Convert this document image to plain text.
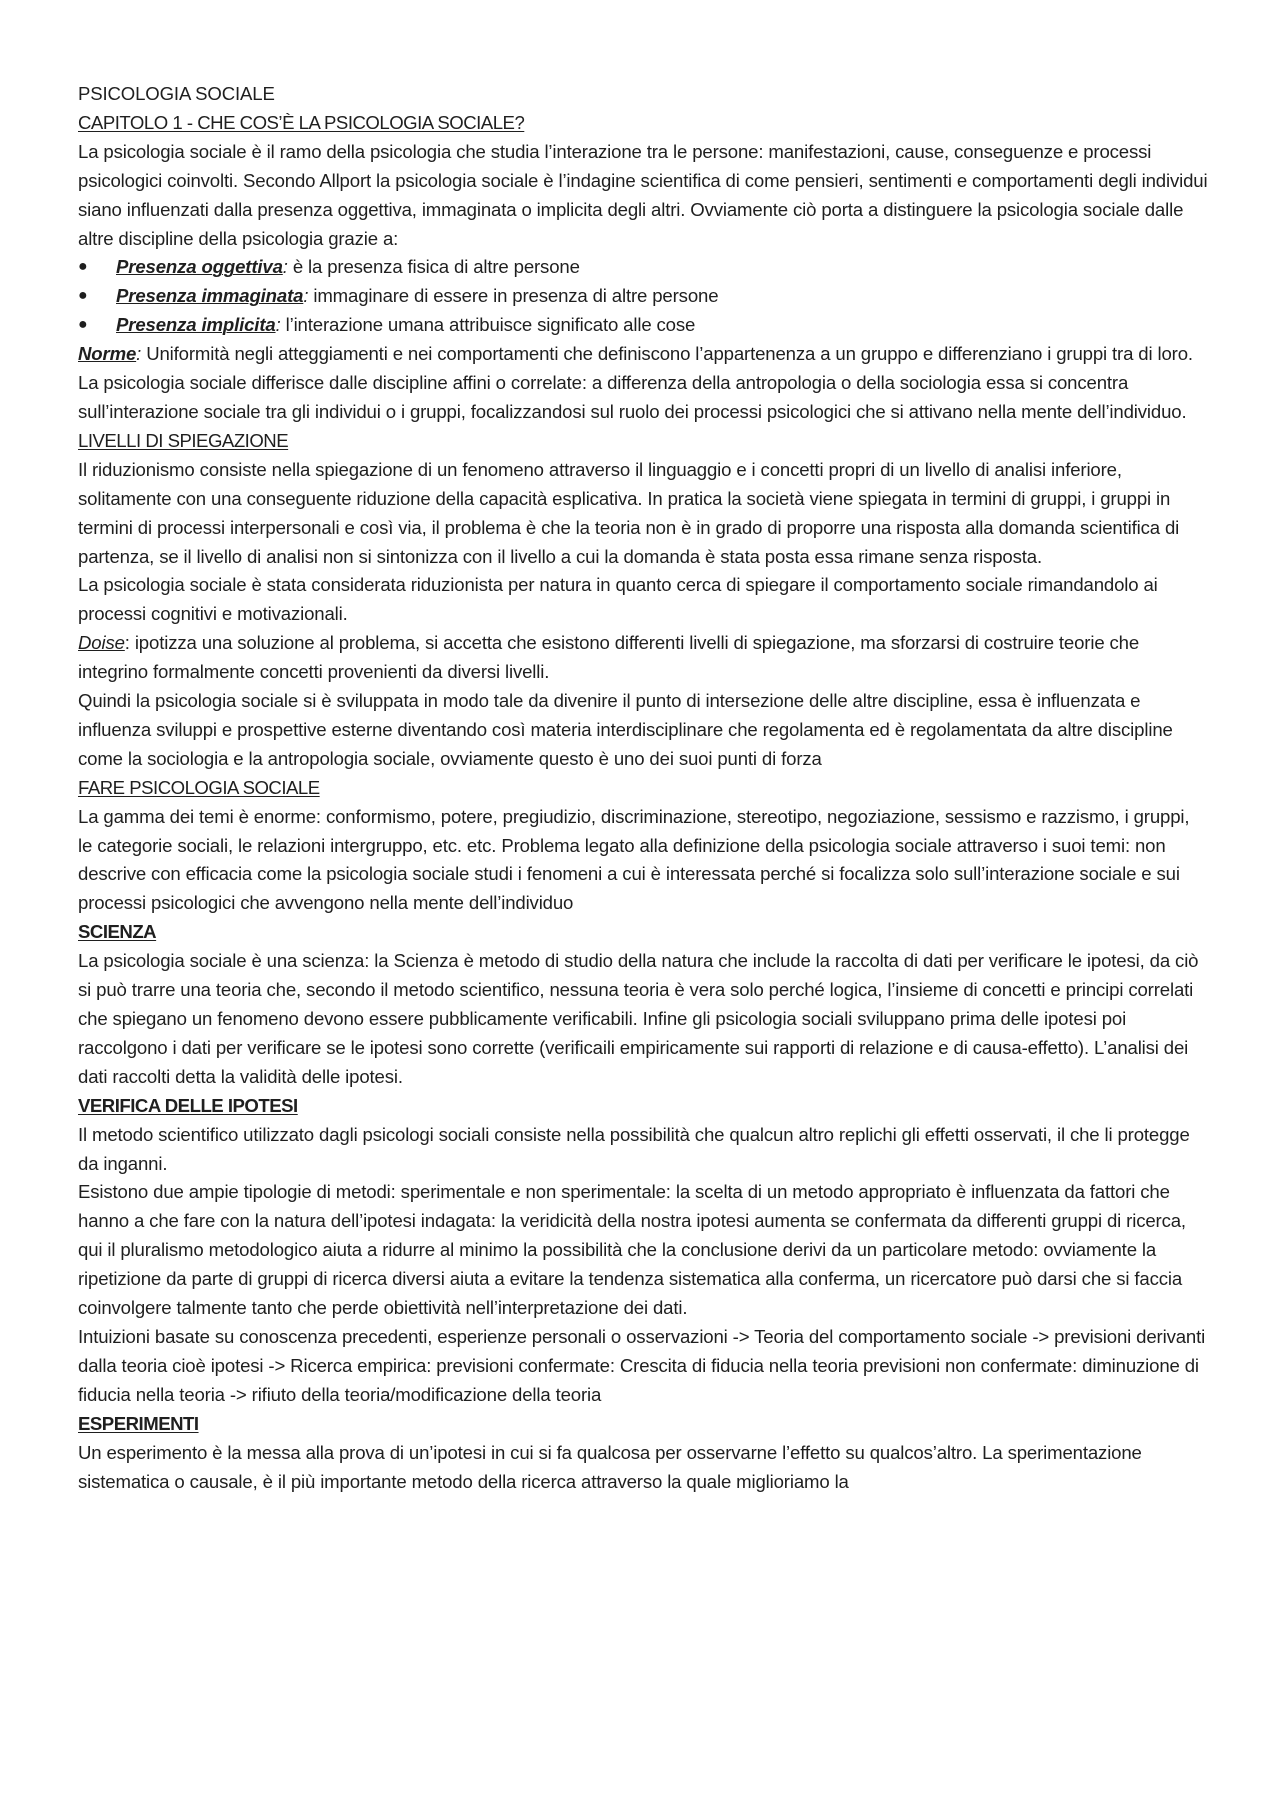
PSICOLOGIA SOCIALE

CAPITOLO 1 - CHE COS’È LA PSICOLOGIA SOCIALE?

La psicologia sociale è il ramo della psicologia che studia l’interazione tra le persone: manifestazioni, cause, conseguenze e processi psicologici coinvolti. Secondo Allport la psicologia sociale è l’indagine scientifica di come pensieri, sentimenti e comportamenti degli individui siano influenzati dalla presenza oggettiva, immaginata o implicita degli altri. Ovviamente ciò porta a distinguere la psicologia sociale dalle altre discipline della psicologia grazie a:

●	Presenza oggettiva: è la presenza fisica di altre persone
●	Presenza immaginata: immaginare di essere in presenza di altre persone
●	Presenza implicita: l’interazione umana attribuisce significato alle cose

Norme: Uniformità negli atteggiamenti e nei comportamenti che definiscono l’appartenenza a un gruppo e differenziano i gruppi tra di loro.

La psicologia sociale differisce dalle discipline affini o correlate: a differenza della antropologia o della sociologia essa si concentra sull’interazione sociale tra gli individui o i gruppi, focalizzandosi sul ruolo dei processi psicologici che si attivano nella mente dell’individuo.

LIVELLI DI SPIEGAZIONE

Il riduzionismo consiste nella spiegazione di un fenomeno attraverso il linguaggio e i concetti propri di un livello di analisi inferiore, solitamente con una conseguente riduzione della capacità esplicativa. In pratica la società viene spiegata in termini di gruppi, i gruppi in termini di processi interpersonali e così via, il problema è che la teoria non è in grado di proporre una risposta alla domanda scientifica di partenza, se il livello di analisi non si sintonizza con il livello a cui la domanda è stata posta essa rimane senza risposta.

La psicologia sociale è stata considerata riduzionista per natura in quanto cerca di spiegare il comportamento sociale rimandandolo ai processi cognitivi e motivazionali.

Doise: ipotizza una soluzione al problema, si accetta che esistono differenti livelli di spiegazione, ma sforzarsi di costruire teorie che integrino formalmente concetti provenienti da diversi livelli.

Quindi la psicologia sociale si è sviluppata in modo tale da divenire il punto di intersezione delle altre discipline, essa è influenzata e influenza sviluppi e prospettive esterne diventando così materia interdisciplinare che regolamenta ed è regolamentata da altre discipline come la sociologia e la antropologia sociale, ovviamente questo è uno dei suoi punti di forza

FARE PSICOLOGIA SOCIALE

La gamma dei temi è enorme: conformismo, potere, pregiudizio, discriminazione, stereotipo, negoziazione, sessismo e razzismo, i gruppi, le categorie sociali, le relazioni intergruppo, etc. etc. Problema legato alla definizione della psicologia sociale attraverso i suoi temi: non descrive con efficacia come la psicologia sociale studi i fenomeni a cui è interessata perché si focalizza solo sull’interazione sociale e sui processi psicologici che avvengono nella mente dell’individuo

SCIENZA

La psicologia sociale è una scienza: la Scienza è metodo di studio della natura che include la raccolta di dati per verificare le ipotesi, da ciò si può trarre una teoria che, secondo il metodo scientifico, nessuna teoria è vera solo perché logica, l’insieme di concetti e principi correlati che spiegano un fenomeno devono essere pubblicamente verificabili. Infine gli psicologia sociali sviluppano prima delle ipotesi poi raccolgono i dati per verificare se le ipotesi sono corrette (verificaili empiricamente sui rapporti di relazione e di causa-effetto). L’analisi dei dati raccolti detta la validità delle ipotesi.

VERIFICA DELLE IPOTESI

Il metodo scientifico utilizzato dagli psicologi sociali consiste nella possibilità che qualcun altro replichi gli effetti osservati, il che li protegge da inganni.

Esistono due ampie tipologie di metodi: sperimentale e non sperimentale: la scelta di un metodo appropriato è influenzata da fattori che hanno a che fare con la natura dell’ipotesi indagata: la veridicità della nostra ipotesi aumenta se confermata da differenti gruppi di ricerca, qui il pluralismo metodologico aiuta a ridurre al minimo la possibilità che la conclusione derivi da un particolare metodo: ovviamente la ripetizione da parte di gruppi di ricerca diversi aiuta a evitare la tendenza sistematica alla conferma, un ricercatore può darsi che si faccia coinvolgere talmente tanto che perde obiettività nell’interpretazione dei dati.

Intuizioni basate su conoscenza precedenti, esperienze personali o osservazioni -> Teoria del comportamento sociale -> previsioni derivanti dalla teoria cioè ipotesi -> Ricerca empirica: previsioni confermate: Crescita di fiducia nella teoria previsioni non confermate: diminuzione di fiducia nella teoria -> rifiuto della teoria/modificazione della teoria

ESPERIMENTI

Un esperimento è la messa alla prova di un’ipotesi in cui si fa qualcosa per osservarne l’effetto su qualcos’altro. La sperimentazione sistematica o causale, è il più importante metodo della ricerca attraverso la quale miglioriamo la
